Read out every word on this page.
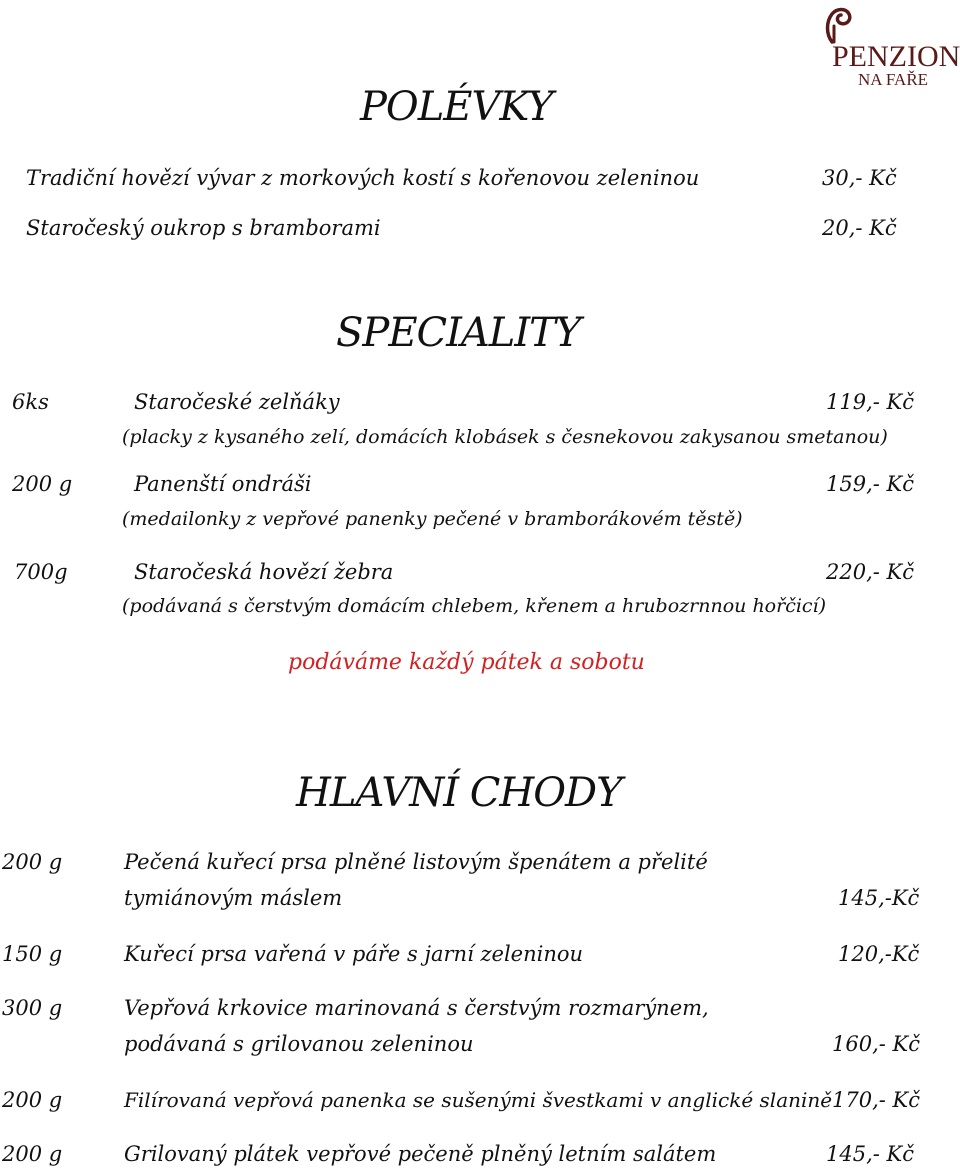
PENZION
NA FAŘE
POLÉVKY
Tradiční hovězí vývar z morkových kostí s kořenovou zeleninou	30,- Kč
Staročeský oukrop s bramborami	20,- Kč
SPECIALITY
6ks	Staročeské zelňáky	119,- Kč
(placky z kysaného zelí, domácích klobásek s česnekovou zakysanou smetanou)
200 g	Panenští ondráši	159,- Kč
(medailonky z vepřové panenky pečené v bramborákovém těstě)
700g	Staročeská hovězí žebra	220,- Kč
(podávaná s čerstvým domácím chlebem, křenem a hrubozrnnou hořčicí)
podáváme každý pátek a sobotu
HLAVNÍ CHODY
200 g	Pečená kuřecí prsa plněné listovým špenátem a přelité
tymiánovým máslem	145,-Kč
150 g	Kuřecí prsa vařená v páře s jarní zeleninou	120,-Kč
300 g	Vepřová krkovice marinovaná s čerstvým rozmarýnem,
podávaná s grilovanou zeleninou	160,- Kč
200 g	Filírovaná vepřová panenka se sušenými švestkami v anglické slanině 170,- Kč
200 g	Grilovaný plátek vepřové pečeně plněný letním salátem	145,- Kč
